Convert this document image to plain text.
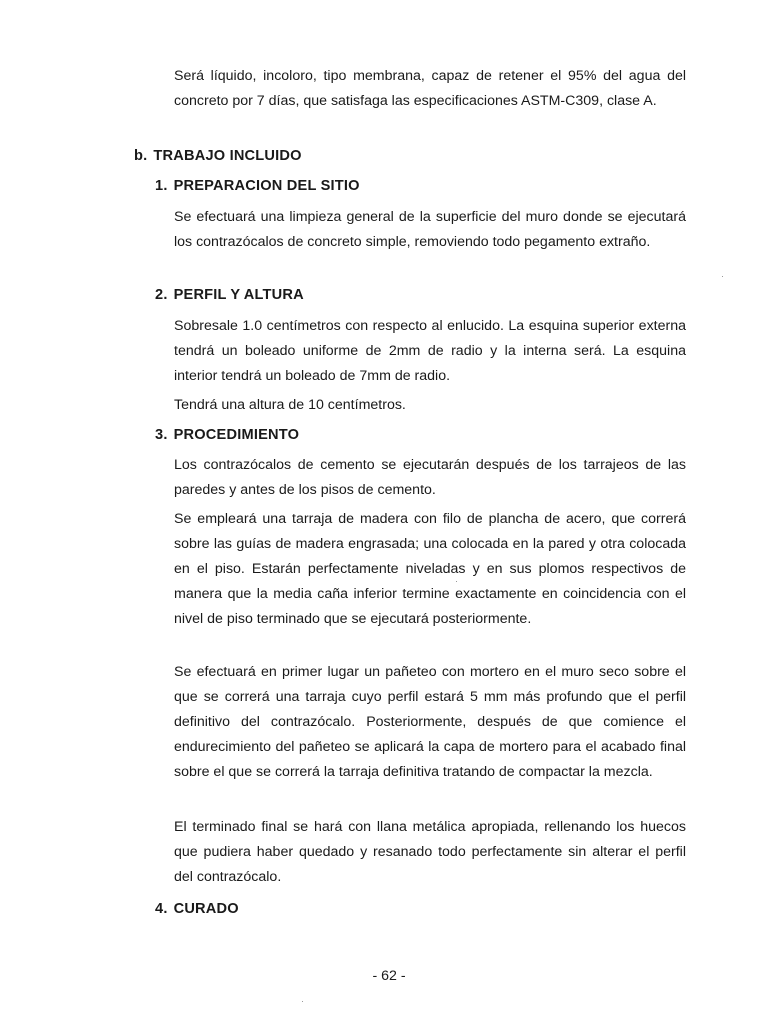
Será líquido, incoloro, tipo membrana, capaz de retener el 95% del agua del concreto por 7 días, que satisfaga las especificaciones ASTM-C309, clase A.

b. TRABAJO INCLUIDO
1. PREPARACION DEL SITIO

Se efectuará una limpieza general de la superficie del muro donde se ejecutará los contrazócalos de concreto simple, removiendo todo pegamento extraño.

2. PERFIL Y ALTURA

Sobresale 1.0 centímetros con respecto al enlucido. La esquina superior externa tendrá un boleado uniforme de 2mm de radio y la interna será. La esquina interior tendrá un boleado de 7mm de radio.

Tendrá una altura de 10 centímetros.

3. PROCEDIMIENTO

Los contrazócalos de cemento se ejecutarán después de los tarrajeos de las paredes y antes de los pisos de cemento.

Se empleará una tarraja de madera con filo de plancha de acero, que correrá sobre las guías de madera engrasada; una colocada en la pared y otra colocada en el piso. Estarán perfectamente niveladas y en sus plomos respectivos de manera que la media caña inferior termine exactamente en coincidencia con el nivel de piso terminado que se ejecutará posteriormente.

Se efectuará en primer lugar un pañeteo con mortero en el muro seco sobre el que se correrá una tarraja cuyo perfil estará 5 mm más profundo que el perfil definitivo del contrazócalo. Posteriormente, después de que comience el endurecimiento del pañeteo se aplicará la capa de mortero para el acabado final sobre el que se correrá la tarraja definitiva tratando de compactar la mezcla.

El terminado final se hará con llana metálica apropiada, rellenando los huecos que pudiera haber quedado y resanado todo perfectamente sin alterar el perfil del contrazócalo.

4. CURADO

- 62 -
